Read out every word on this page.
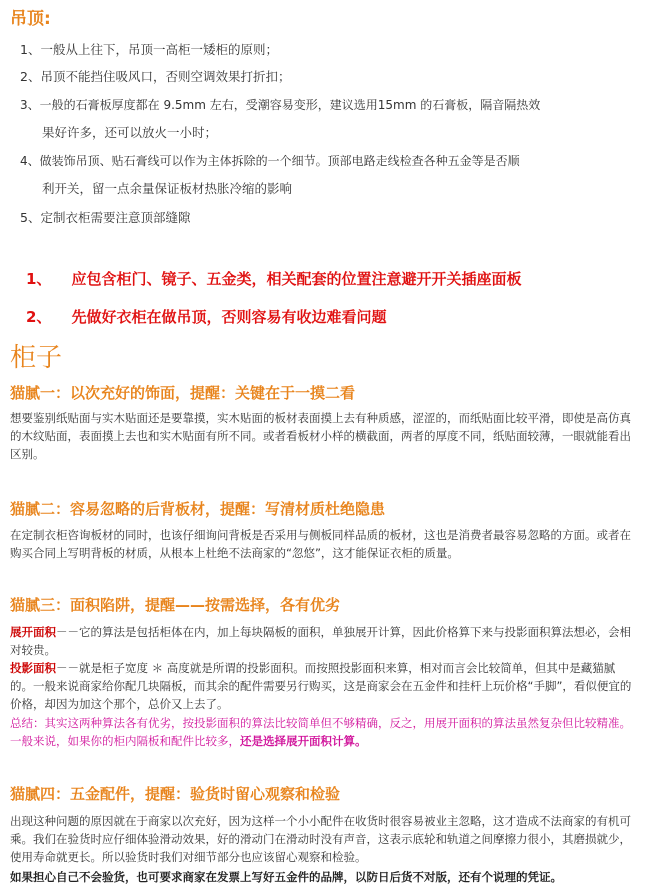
吊顶:
1、一般从上往下，吊顶一高柜一矮柜的原则；
2、吊顶不能挡住吸风口，否则空调效果打折扣；
3、一般的石膏板厚度都在 9.5mm 左右，受潮容易变形，建议选用15mm 的石膏板，隔音隔热效
果好许多，还可以放火一小时；
4、做装饰吊顶、贴石膏线可以作为主体拆除的一个细节。顶部电路走线检查各种五金等是否顺
利开关，留一点余量保证板材热胀冷缩的影响
5、定制衣柜需要注意顶部缝隙
1、 应包含柜门、镜子、五金类，相关配套的位置注意避开开关插座面板
2、 先做好衣柜在做吊顶，否则容易有收边难看问题
柜子
猫腻一：以次充好的饰面，提醒：关键在于一摸二看
想要鉴别纸贴面与实木贴面还是要靠摸，实木贴面的板材表面摸上去有种质感，涩涩的，而纸贴面比较平滑，即使是高仿真的木纹贴面，表面摸上去也和实木贴面有所不同。或者看板材小样的横截面，两者的厚度不同，纸贴面较薄，一眼就能看出区别。
猫腻二：容易忽略的后背板材，提醒：写清材质杜绝隐患
在定制衣柜咨询板材的同时，也该仔细询问背板是否采用与侧板同样品质的板材，这也是消费者最容易忽略的方面。或者在购买合同上写明背板的材质，从根本上杜绝不法商家的“忽悠”，这才能保证衣柜的质量。
猫腻三：面积陷阱，提醒——按需选择，各有优劣
展开面积－－它的算法是包括柜体在内，加上每块隔板的面积，单独展开计算，因此价格算下来与投影面积算法想必，会相对较贵。
投影面积－－就是柜子宽度 ＊ 高度就是所谓的投影面积。而按照投影面积来算，相对而言会比较简单，但其中是藏猫腻的。一般来说商家给你配几块隔板，而其余的配件需要另行购买，这是商家会在五金件和挂杆上玩价格“手脚”，看似便宜的价格，却因为加这个那个，总价又上去了。
总结：其实这两种算法各有优劣，按投影面积的算法比较简单但不够精确，反之，用展开面积的算法虽然复杂但比较精准。一般来说，如果你的柜内隔板和配件比较多，还是选择展开面积计算。
猫腻四：五金配件，提醒：验货时留心观察和检验
出现这种问题的原因就在于商家以次充好，因为这样一个小小配件在收货时很容易被业主忽略，这才造成不法商家的有机可乘。我们在验货时应仔细体验滑动效果，好的滑动门在滑动时没有声音，这表示底轮和轨道之间摩擦力很小，其磨损就少，使用寿命就更长。所以验货时我们对细节部分也应该留心观察和检验。
如果担心自己不会验货，也可要求商家在发票上写好五金件的品牌，以防日后货不对版，还有个说理的凭证。
